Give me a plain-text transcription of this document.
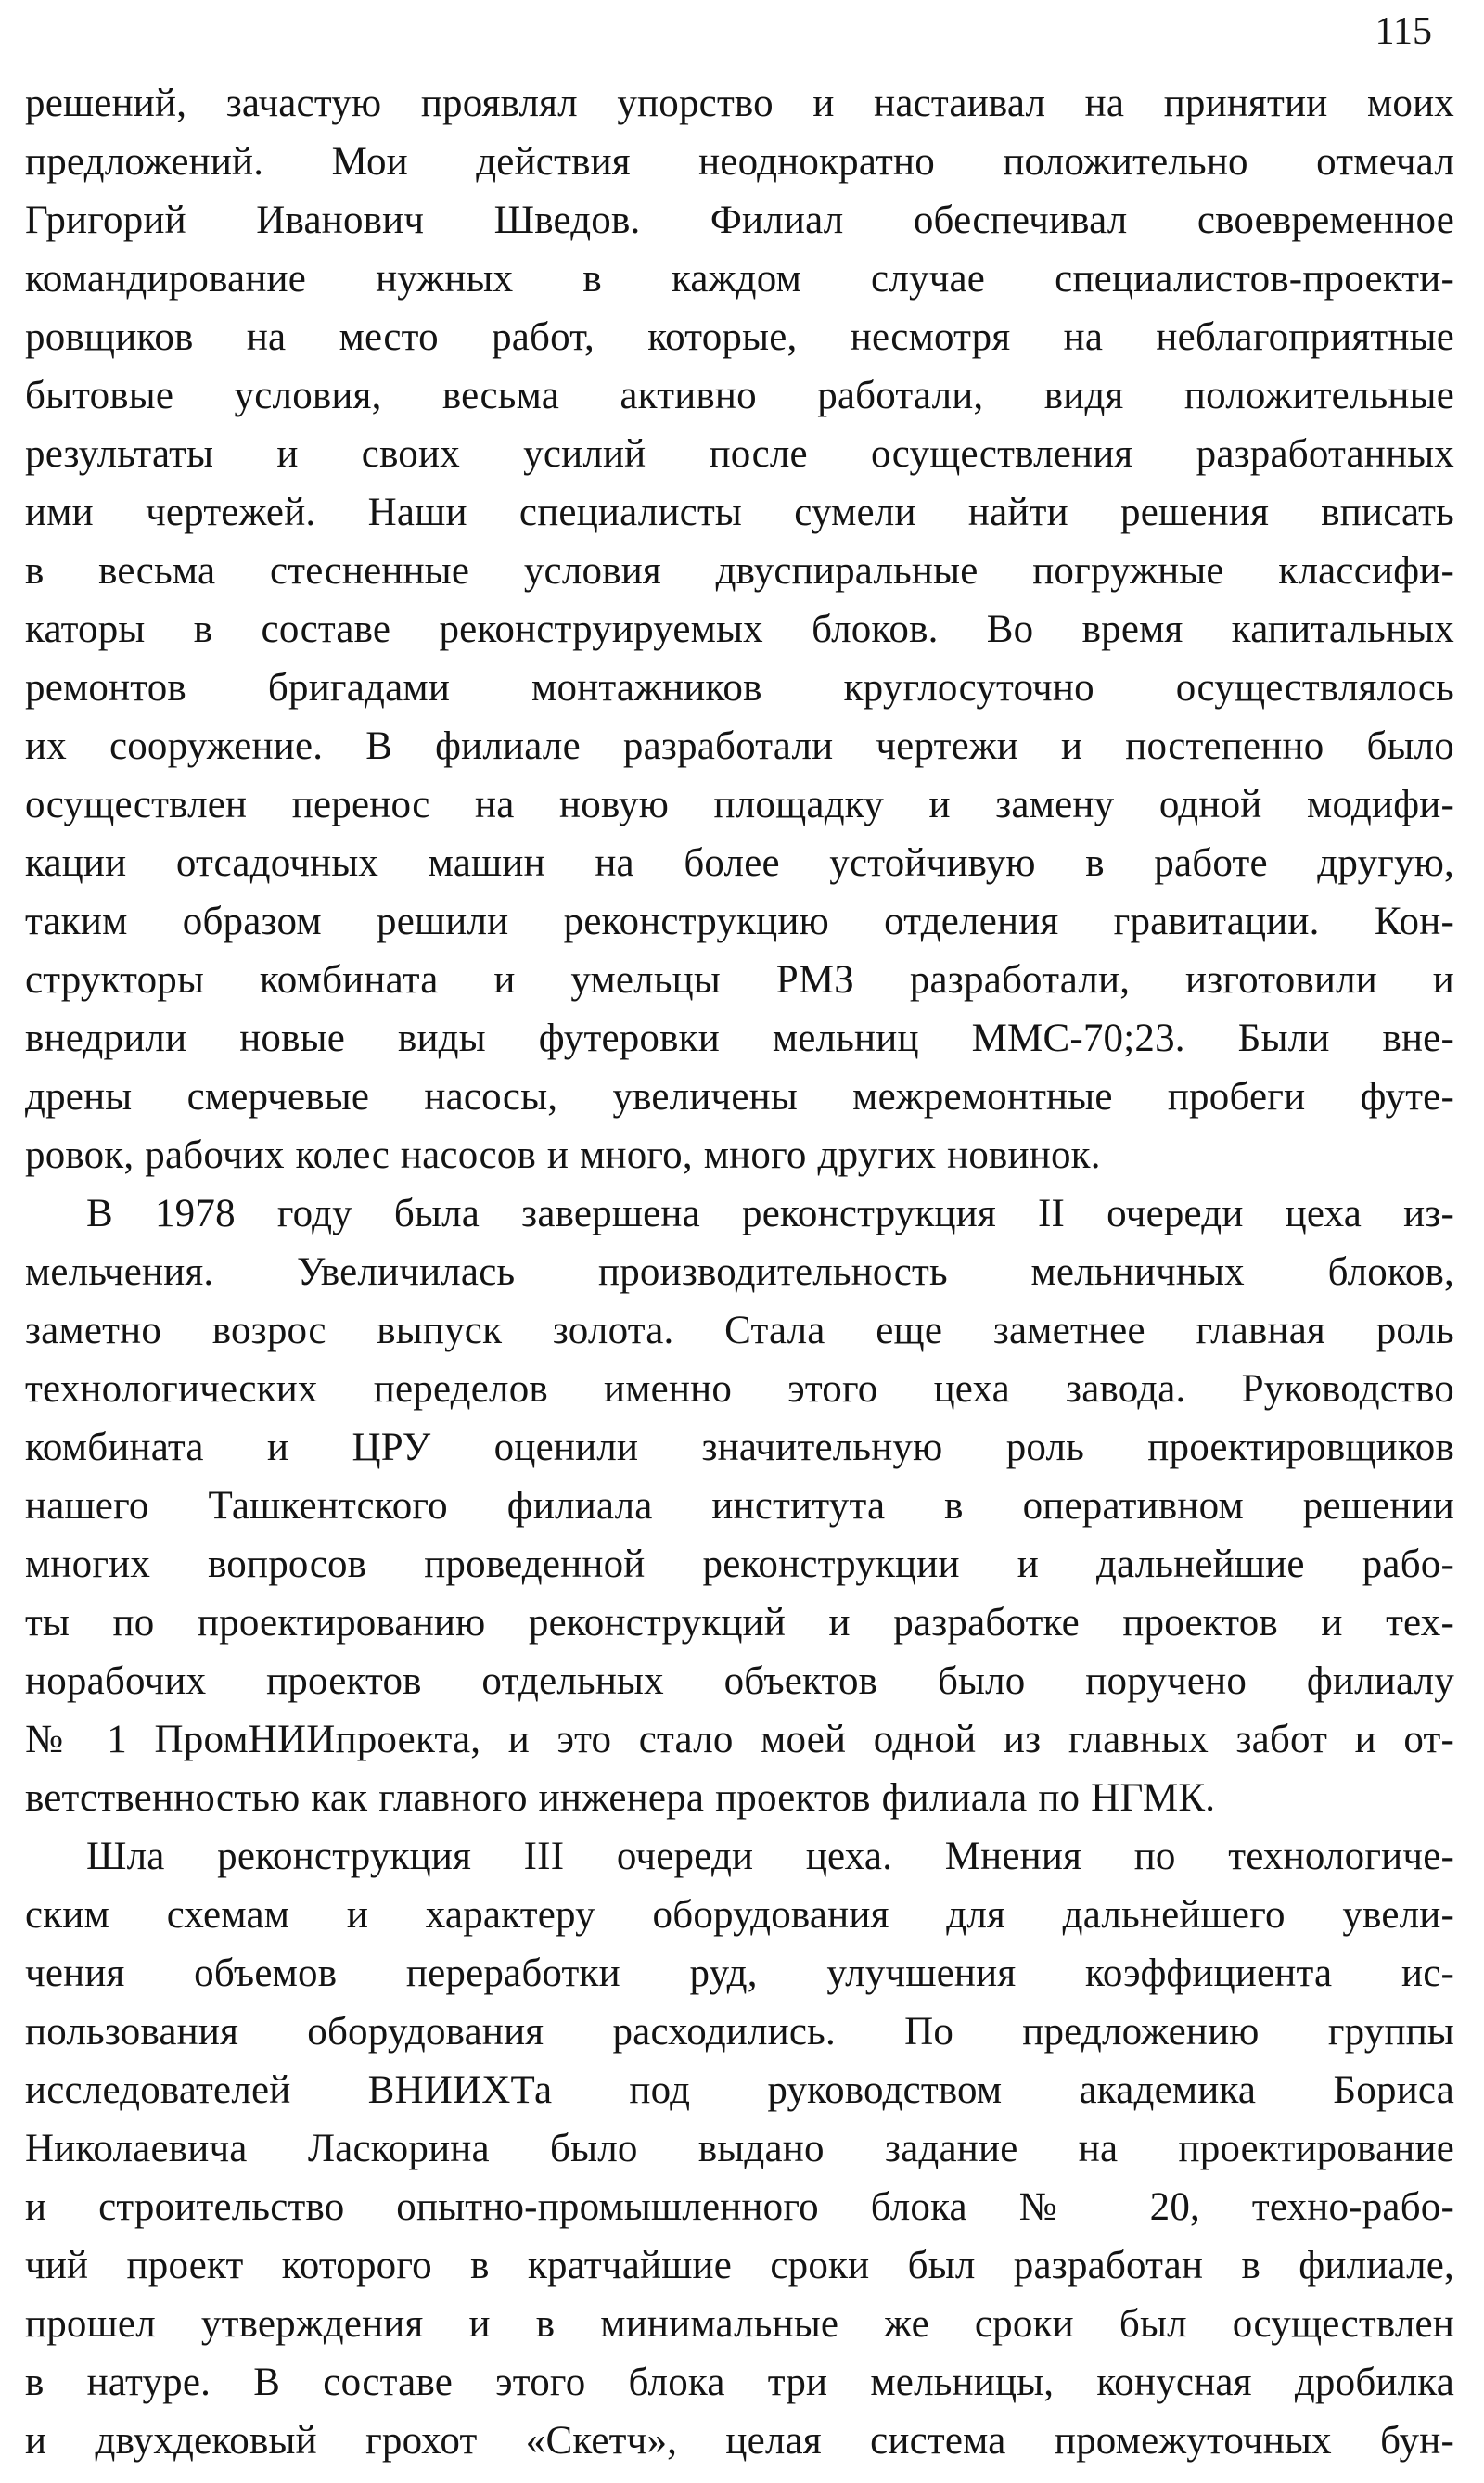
115
решений, зачастую проявлял упорство и настаивал на принятии моих
предложений. Мои действия неоднократно положительно отмечал
Григорий Иванович Шведов. Филиал обеспечивал своевременное
командирование нужных в каждом случае специалистов-проекти-
ровщиков на место работ, которые, несмотря на неблагоприятные
бытовые условия, весьма активно работали, видя положительные
результаты и своих усилий после осуществления разработанных
ими чертежей. Наши специалисты сумели найти решения вписать
в весьма стесненные условия двуспиральные погружные классифи-
каторы в составе реконструируемых блоков. Во время капитальных
ремонтов бригадами монтажников круглосуточно осуществлялось
их сооружение. В филиале разработали чертежи и постепенно было
осуществлен перенос на новую площадку и замену одной модифи-
кации отсадочных машин на более устойчивую в работе другую,
таким образом решили реконструкцию отделения гравитации. Кон-
структоры комбината и умельцы РМЗ разработали, изготовили и
внедрили новые виды футеровки мельниц ММС-70;23. Были вне-
дрены смерчевые насосы, увеличены межремонтные пробеги футе-
ровок, рабочих колес насосов и много, много других новинок.
В 1978 году была завершена реконструкция II очереди цеха из-
мельчения. Увеличилась производительность мельничных блоков,
заметно возрос выпуск золота. Стала еще заметнее главная роль
технологических переделов именно этого цеха завода. Руководство
комбината и ЦРУ оценили значительную роль проектировщиков
нашего Ташкентского филиала института в оперативном решении
многих вопросов проведенной реконструкции и дальнейшие рабо-
ты по проектированию реконструкций и разработке проектов и тех-
норабочих проектов отдельных объектов было поручено филиалу
№ 1 ПромНИИпроекта, и это стало моей одной из главных забот и от-
ветственностью как главного инженера проектов филиала по НГМК.
Шла реконструкция III очереди цеха. Мнения по технологиче-
ским схемам и характеру оборудования для дальнейшего увели-
чения объемов переработки руд, улучшения коэффициента ис-
пользования оборудования расходились. По предложению группы
исследователей ВНИИХТа под руководством академика Бориса
Николаевича Ласкорина было выдано задание на проектирование
и строительство опытно-промышленного блока № 20, техно-рабо-
чий проект которого в кратчайшие сроки был разработан в филиале,
прошел утверждения и в минимальные же сроки был осуществлен
в натуре. В составе этого блока три мельницы, конусная дробилка
и двухдековый грохот «Скетч», целая система промежуточных бун-
